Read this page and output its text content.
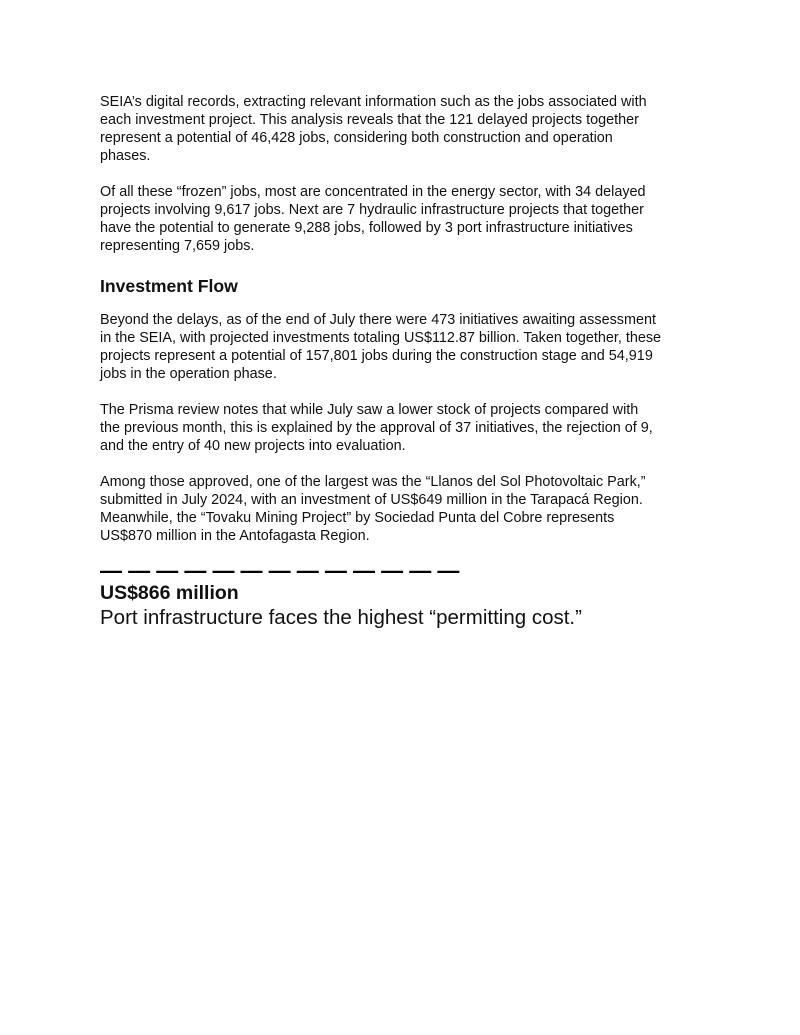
SEIA’s digital records, extracting relevant information such as the jobs associated with
each investment project. This analysis reveals that the 121 delayed projects together
represent a potential of 46,428 jobs, considering both construction and operation
phases.

Of all these “frozen” jobs, most are concentrated in the energy sector, with 34 delayed
projects involving 9,617 jobs. Next are 7 hydraulic infrastructure projects that together
have the potential to generate 9,288 jobs, followed by 3 port infrastructure initiatives
representing 7,659 jobs.

Investment Flow

Beyond the delays, as of the end of July there were 473 initiatives awaiting assessment
in the SEIA, with projected investments totaling US$112.87 billion. Taken together, these
projects represent a potential of 157,801 jobs during the construction stage and 54,919
jobs in the operation phase.

The Prisma review notes that while July saw a lower stock of projects compared with
the previous month, this is explained by the approval of 37 initiatives, the rejection of 9,
and the entry of 40 new projects into evaluation.

Among those approved, one of the largest was the “Llanos del Sol Photovoltaic Park,”
submitted in July 2024, with an investment of US$649 million in the Tarapacá Region.
Meanwhile, the “Tovaku Mining Project” by Sociedad Punta del Cobre represents
US$870 million in the Antofagasta Region.

— — — — — — — — — — — — —

US$866 million

Port infrastructure faces the highest “permitting cost.”
